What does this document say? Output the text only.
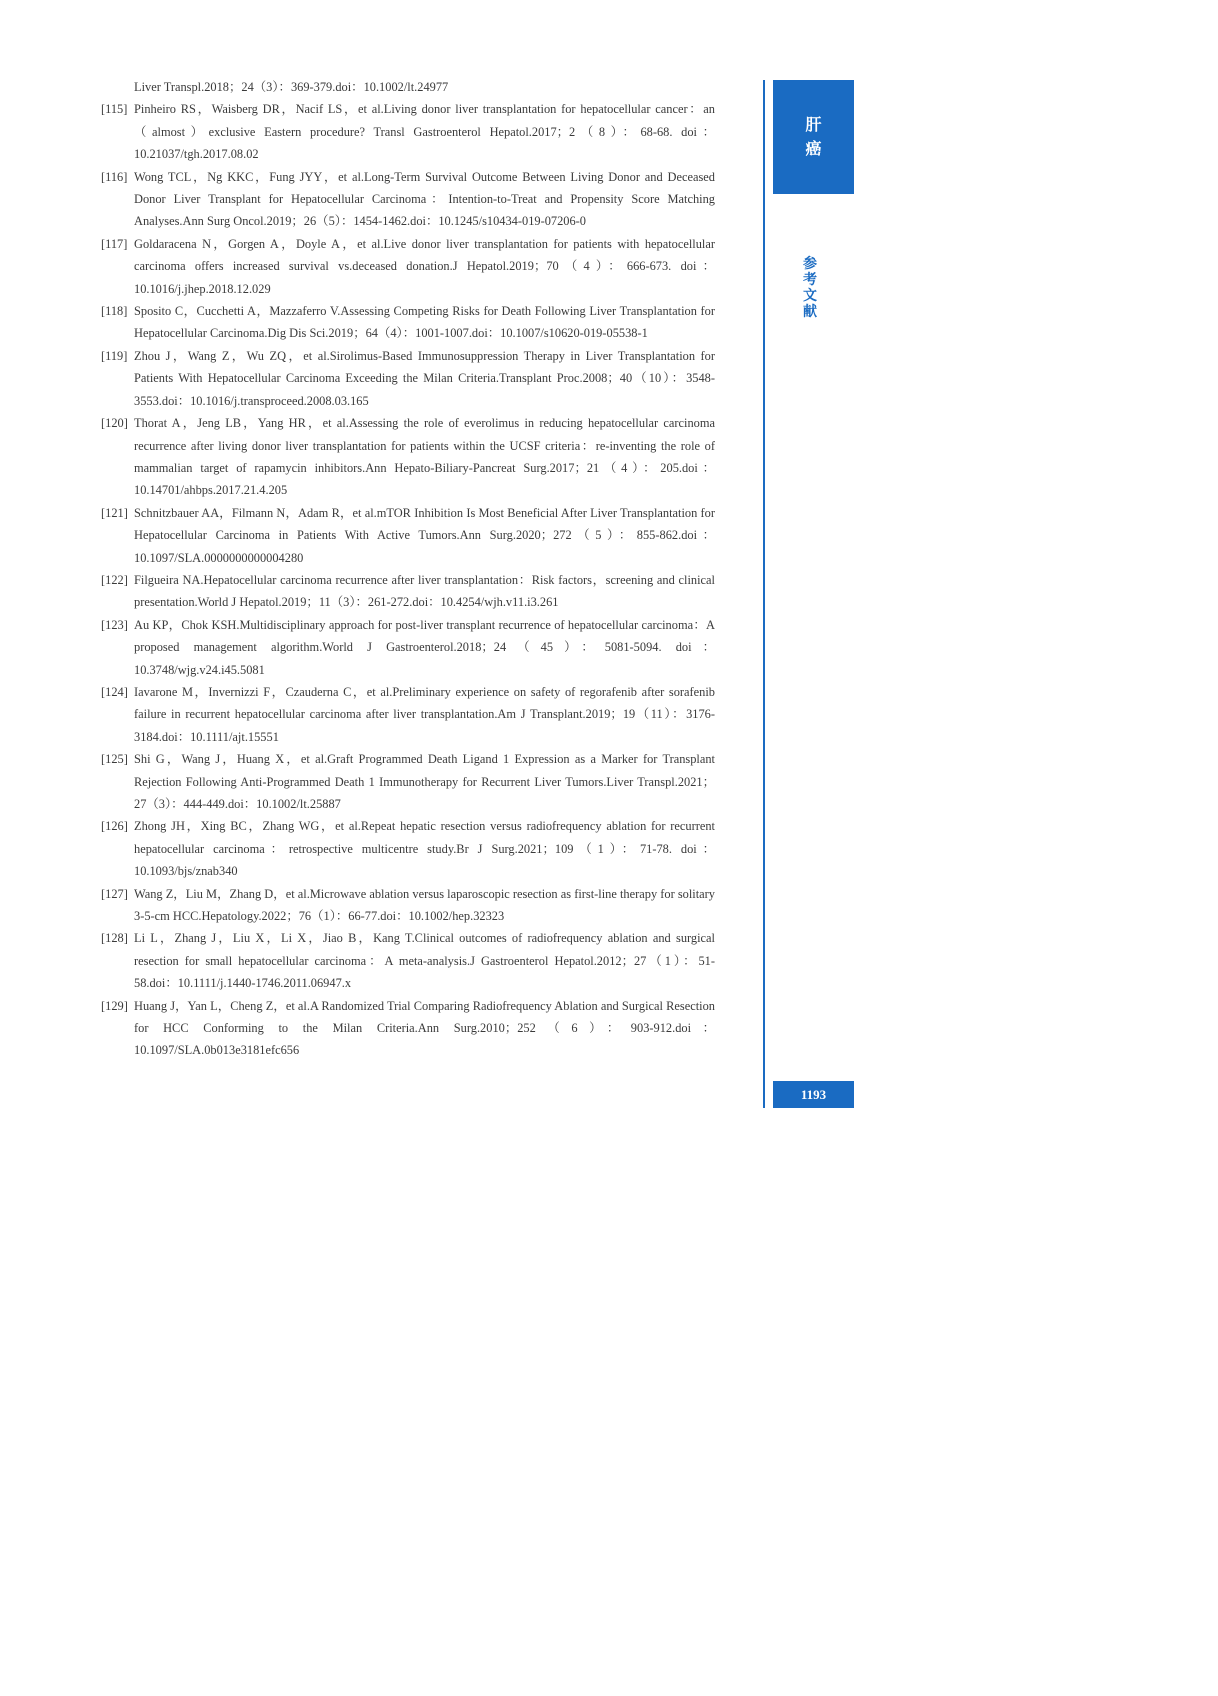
Liver Transpl.2018；24（3）：369-379.doi：10.1002/lt.24977
[115] Pinheiro RS，Waisberg DR，Nacif LS，et al.Living donor liver transplantation for hepatocellular cancer：an（almost）exclusive Eastern procedure? Transl Gastroenterol Hepatol.2017；2（8）：68-68. doi：10.21037/tgh.2017.08.02
[116] Wong TCL，Ng KKC，Fung JYY，et al.Long-Term Survival Outcome Between Living Donor and Deceased Donor Liver Transplant for Hepatocellular Carcinoma：Intention-to-Treat and Propensity Score Matching Analyses.Ann Surg Oncol.2019；26（5）：1454-1462.doi：10.1245/s10434-019-07206-0
[117] Goldaracena N，Gorgen A，Doyle A，et al.Live donor liver transplantation for patients with hepatocellular carcinoma offers increased survival vs.deceased donation.J Hepatol.2019；70（4）：666-673. doi：10.1016/j.jhep.2018.12.029
[118] Sposito C，Cucchetti A，Mazzaferro V.Assessing Competing Risks for Death Following Liver Transplantation for Hepatocellular Carcinoma.Dig Dis Sci.2019；64（4）：1001-1007.doi：10.1007/s10620-019-05538-1
[119] Zhou J，Wang Z，Wu ZQ，et al.Sirolimus-Based Immunosuppression Therapy in Liver Transplantation for Patients With Hepatocellular Carcinoma Exceeding the Milan Criteria.Transplant Proc.2008；40（10）：3548-3553.doi：10.1016/j.transproceed.2008.03.165
[120] Thorat A，Jeng LB，Yang HR，et al.Assessing the role of everolimus in reducing hepatocellular carcinoma recurrence after living donor liver transplantation for patients within the UCSF criteria：re-inventing the role of mammalian target of rapamycin inhibitors.Ann Hepato-Biliary-Pancreat Surg.2017；21（4）：205.doi：10.14701/ahbps.2017.21.4.205
[121] Schnitzbauer AA，Filmann N，Adam R，et al.mTOR Inhibition Is Most Beneficial After Liver Transplantation for Hepatocellular Carcinoma in Patients With Active Tumors.Ann Surg.2020；272（5）：855-862.doi：10.1097/SLA.0000000000004280
[122] Filgueira NA.Hepatocellular carcinoma recurrence after liver transplantation：Risk factors，screening and clinical presentation.World J Hepatol.2019；11（3）：261-272.doi：10.4254/wjh.v11.i3.261
[123] Au KP，Chok KSH.Multidisciplinary approach for post-liver transplant recurrence of hepatocellular carcinoma：A proposed management algorithm.World J Gastroenterol.2018；24（45）：5081-5094. doi：10.3748/wjg.v24.i45.5081
[124] Iavarone M，Invernizzi F，Czauderna C，et al.Preliminary experience on safety of regorafenib after sorafenib failure in recurrent hepatocellular carcinoma after liver transplantation.Am J Transplant.2019；19（11）：3176-3184.doi：10.1111/ajt.15551
[125] Shi G，Wang J，Huang X，et al.Graft Programmed Death Ligand 1 Expression as a Marker for Transplant Rejection Following Anti-Programmed Death 1 Immunotherapy for Recurrent Liver Tumors.Liver Transpl.2021；27（3）：444-449.doi：10.1002/lt.25887
[126] Zhong JH，Xing BC，Zhang WG，et al.Repeat hepatic resection versus radiofrequency ablation for recurrent hepatocellular carcinoma：retrospective multicentre study.Br J Surg.2021；109（1）：71-78. doi：10.1093/bjs/znab340
[127] Wang Z，Liu M，Zhang D，et al.Microwave ablation versus laparoscopic resection as first-line therapy for solitary 3-5-cm HCC.Hepatology.2022；76（1）：66-77.doi：10.1002/hep.32323
[128] Li L，Zhang J，Liu X，Li X，Jiao B，Kang T.Clinical outcomes of radiofrequency ablation and surgical resection for small hepatocellular carcinoma：A meta-analysis.J Gastroenterol Hepatol.2012；27（1）：51-58.doi：10.1111/j.1440-1746.2011.06947.x
[129] Huang J，Yan L，Cheng Z，et al.A Randomized Trial Comparing Radiofrequency Ablation and Surgical Resection for HCC Conforming to the Milan Criteria.Ann Surg.2010；252（6）：903-912.doi：10.1097/SLA.0b013e3181efc656
肝
癌
参
考
文
献
1193
